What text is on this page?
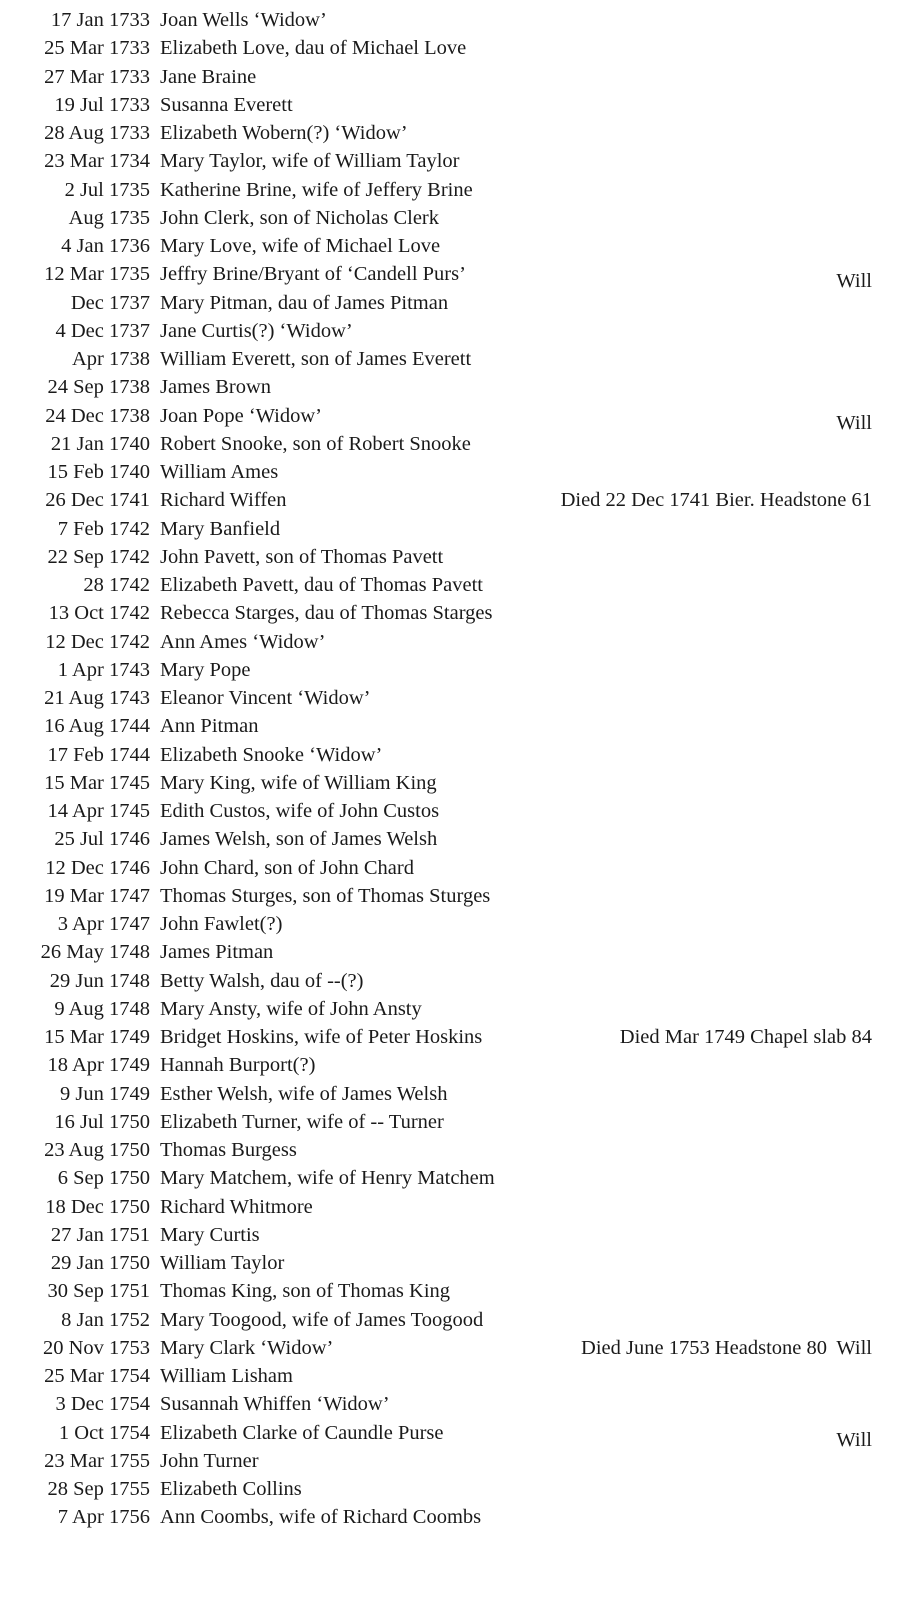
17 Jan 1733 Joan Wells ‘Widow’
25 Mar 1733 Elizabeth Love, dau of Michael Love
27 Mar 1733 Jane Braine
19 Jul 1733 Susanna Everett
28 Aug 1733 Elizabeth Wobern(?) ‘Widow’
23 Mar 1734 Mary Taylor, wife of William Taylor
2 Jul 1735 Katherine Brine, wife of Jeffery Brine
Aug 1735 John Clerk, son of Nicholas Clerk
4 Jan 1736 Mary Love, wife of Michael Love
12 Mar 1735 Jeffry Brine/Bryant of ‘Candell Purs’	Will
Dec 1737 Mary Pitman, dau of James Pitman
4 Dec 1737 Jane Curtis(?) ‘Widow’
Apr 1738 William Everett, son of James Everett
24 Sep 1738 James Brown
24 Dec 1738 Joan Pope ‘Widow’	Will
21 Jan 1740 Robert Snooke, son of Robert Snooke
15 Feb 1740 William Ames
26 Dec 1741 Richard Wiffen	Died 22 Dec 1741 Bier. Headstone 61
7 Feb 1742 Mary Banfield
22 Sep 1742 John Pavett, son of Thomas Pavett
28 1742 Elizabeth Pavett, dau of Thomas Pavett
13 Oct 1742 Rebecca Starges, dau of Thomas Starges
12 Dec 1742 Ann Ames ‘Widow’
1 Apr 1743 Mary Pope
21 Aug 1743 Eleanor Vincent ‘Widow’
16 Aug 1744 Ann Pitman
17 Feb 1744 Elizabeth Snooke ‘Widow’
15 Mar 1745 Mary King, wife of William King
14 Apr 1745 Edith Custos, wife of John Custos
25 Jul 1746 James Welsh, son of James Welsh
12 Dec 1746 John Chard, son of John Chard
19 Mar 1747 Thomas Sturges, son of Thomas Sturges
3 Apr 1747 John Fawlet(?)
26 May 1748 James Pitman
29 Jun 1748 Betty Walsh, dau of --(?)
9 Aug 1748 Mary Ansty, wife of John Ansty
15 Mar 1749 Bridget Hoskins, wife of Peter Hoskins	Died Mar 1749 Chapel slab 84
18 Apr 1749 Hannah Burport(?)
9 Jun 1749 Esther Welsh, wife of James Welsh
16 Jul 1750 Elizabeth Turner, wife of -- Turner
23 Aug 1750 Thomas Burgess
6 Sep 1750 Mary Matchem, wife of Henry Matchem
18 Dec 1750 Richard Whitmore
27 Jan 1751 Mary Curtis
29 Jan 1750 William Taylor
30 Sep 1751 Thomas King, son of Thomas King
8 Jan 1752 Mary Toogood, wife of James Toogood
20 Nov 1753 Mary Clark ‘Widow’	Died June 1753 Headstone 80 Will
25 Mar 1754 William Lisham
3 Dec 1754 Susannah Whiffen ‘Widow’
1 Oct 1754 Elizabeth Clarke of Caundle Purse	Will
23 Mar 1755 John Turner
28 Sep 1755 Elizabeth Collins
7 Apr 1756 Ann Coombs, wife of Richard Coombs
